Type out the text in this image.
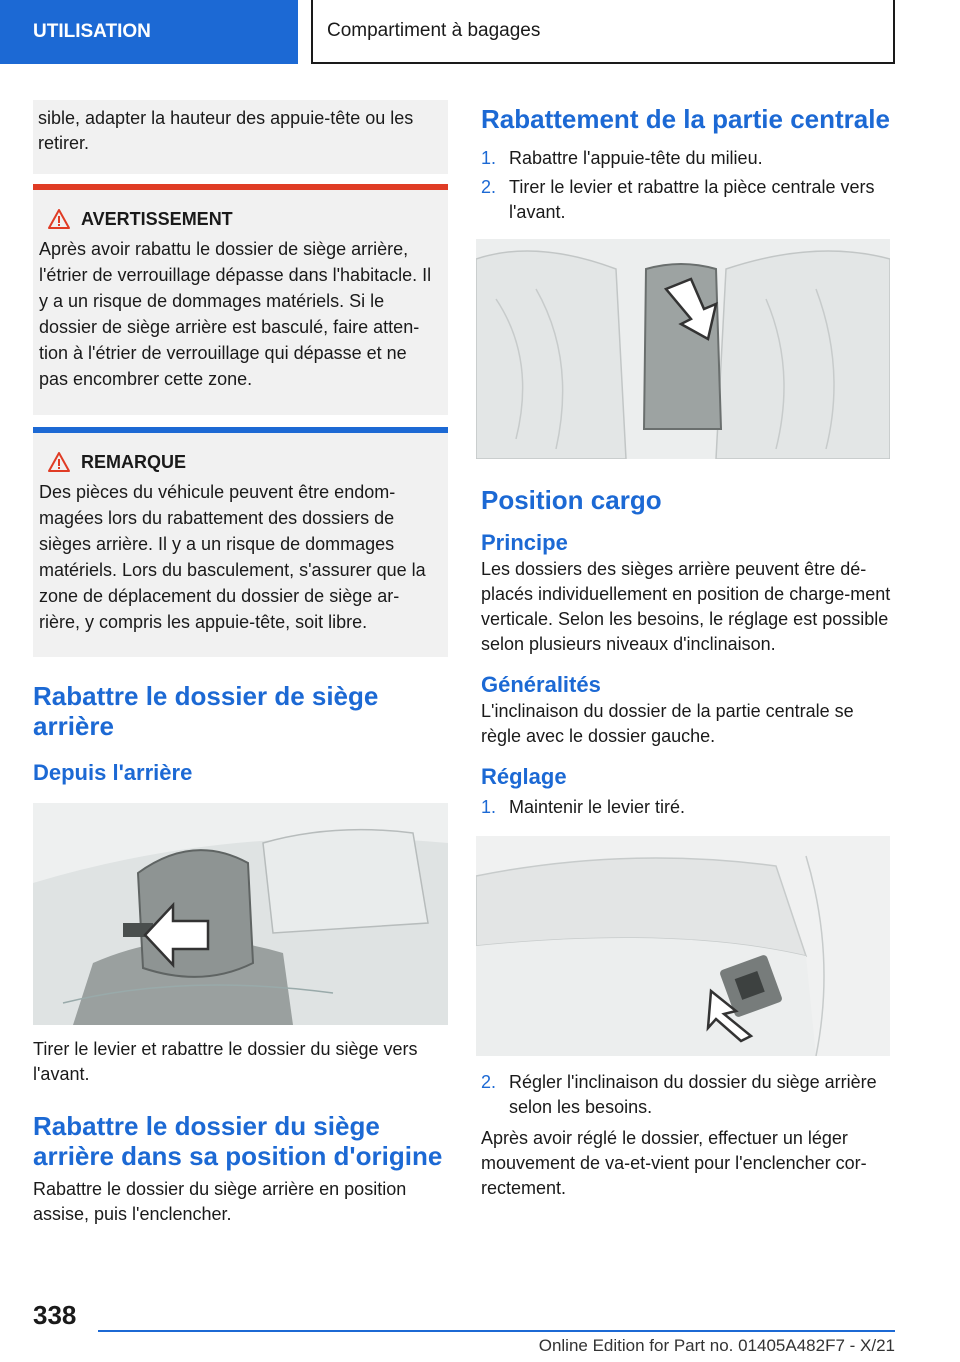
UTILISATION	Compartiment à bagages

sible, adapter la hauteur des appuie-tête ou les retirer.

AVERTISSEMENT

Après avoir rabattu le dossier de siège arrière, l'étrier de verrouillage dépasse dans l'habitacle. Il y a un risque de dommages matériels. Si le dossier de siège arrière est basculé, faire atten-tion à l'étrier de verrouillage qui dépasse et ne pas encombrer cette zone.

REMARQUE

Des pièces du véhicule peuvent être endom-magées lors du rabattement des dossiers de sièges arrière. Il y a un risque de dommages matériels. Lors du basculement, s'assurer que la zone de déplacement du dossier de siège ar-rière, y compris les appuie-tête, soit libre.

Rabattre le dossier de siège arrière
Depuis l'arrière

Tirer le levier et rabattre le dossier du siège vers l'avant.

Rabattre le dossier du siège arrière dans sa position d'origine

Rabattre le dossier du siège arrière en position assise, puis l'enclencher.

Rabattement de la partie centrale
1. Rabattre l'appuie-tête du milieu.
2. Tirer le levier et rabattre la pièce centrale vers l'avant.
Position cargo
Principe

Les dossiers des sièges arrière peuvent être dé-placés individuellement en position de charge-ment verticale. Selon les besoins, le réglage est possible selon plusieurs niveaux d'inclinaison.

Généralités

L'inclinaison du dossier de la partie centrale se règle avec le dossier gauche.

Réglage
1. Maintenir le levier tiré.
2. Régler l'inclinaison du dossier du siège arrière selon les besoins.

Après avoir réglé le dossier, effectuer un léger mouvement de va-et-vient pour l'enclencher cor-rectement.

338
Online Edition for Part no. 01405A482F7 - X/21
